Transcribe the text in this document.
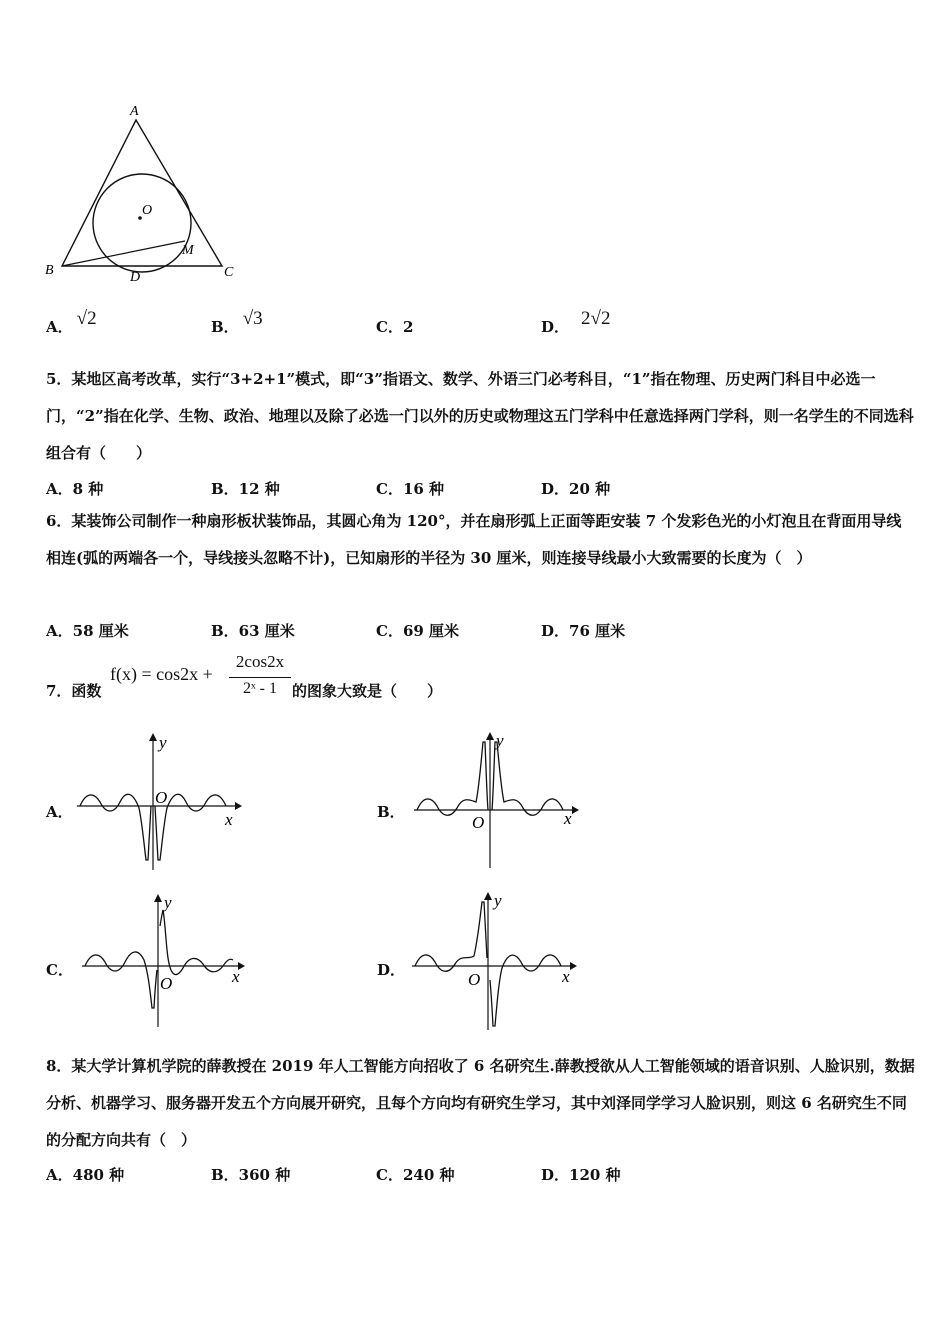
A
B	C
D
O
M
A． √2	B． √3	C．2	D． 2√2
5．某地区高考改革，实行“3+2+1”模式，即“3”指语文、数学、外语三门必考科目，“1”指在物理、历史两门科目中必选一门，“2”指在化学、生物、政治、地理以及除了必选一门以外的历史或物理这五门学科中任意选择两门学科，则一名学生的不同选科组合有（　　）
A．8 种	B．12 种	C．16 种	D．20 种
6．某装饰公司制作一种扇形板状装饰品，其圆心角为 120°，并在扇形弧上正面等距安装 7 个发彩色光的小灯泡且在背面用导线相连(弧的两端各一个，导线接头忽略不计)，已知扇形的半径为 30 厘米，则连接导线最小大致需要的长度为（　）
A．58 厘米	B．63 厘米	C．69 厘米	D．76 厘米
7．函数
f(x) = cos2x +
2cos2x
2ˣ - 1	的图象大致是（　　）
A．	B．
C．	D．
y
x
O
y
x
O
y
x
O
y
x
O
8．某大学计算机学院的薛教授在 2019 年人工智能方向招收了 6 名研究生.薛教授欲从人工智能领域的语音识别、人脸识别，数据分析、机器学习、服务器开发五个方向展开研究，且每个方向均有研究生学习，其中刘泽同学学习人脸识别，则这 6 名研究生不同的分配方向共有（　）
A．480 种	B．360 种	C．240 种	D．120 种
